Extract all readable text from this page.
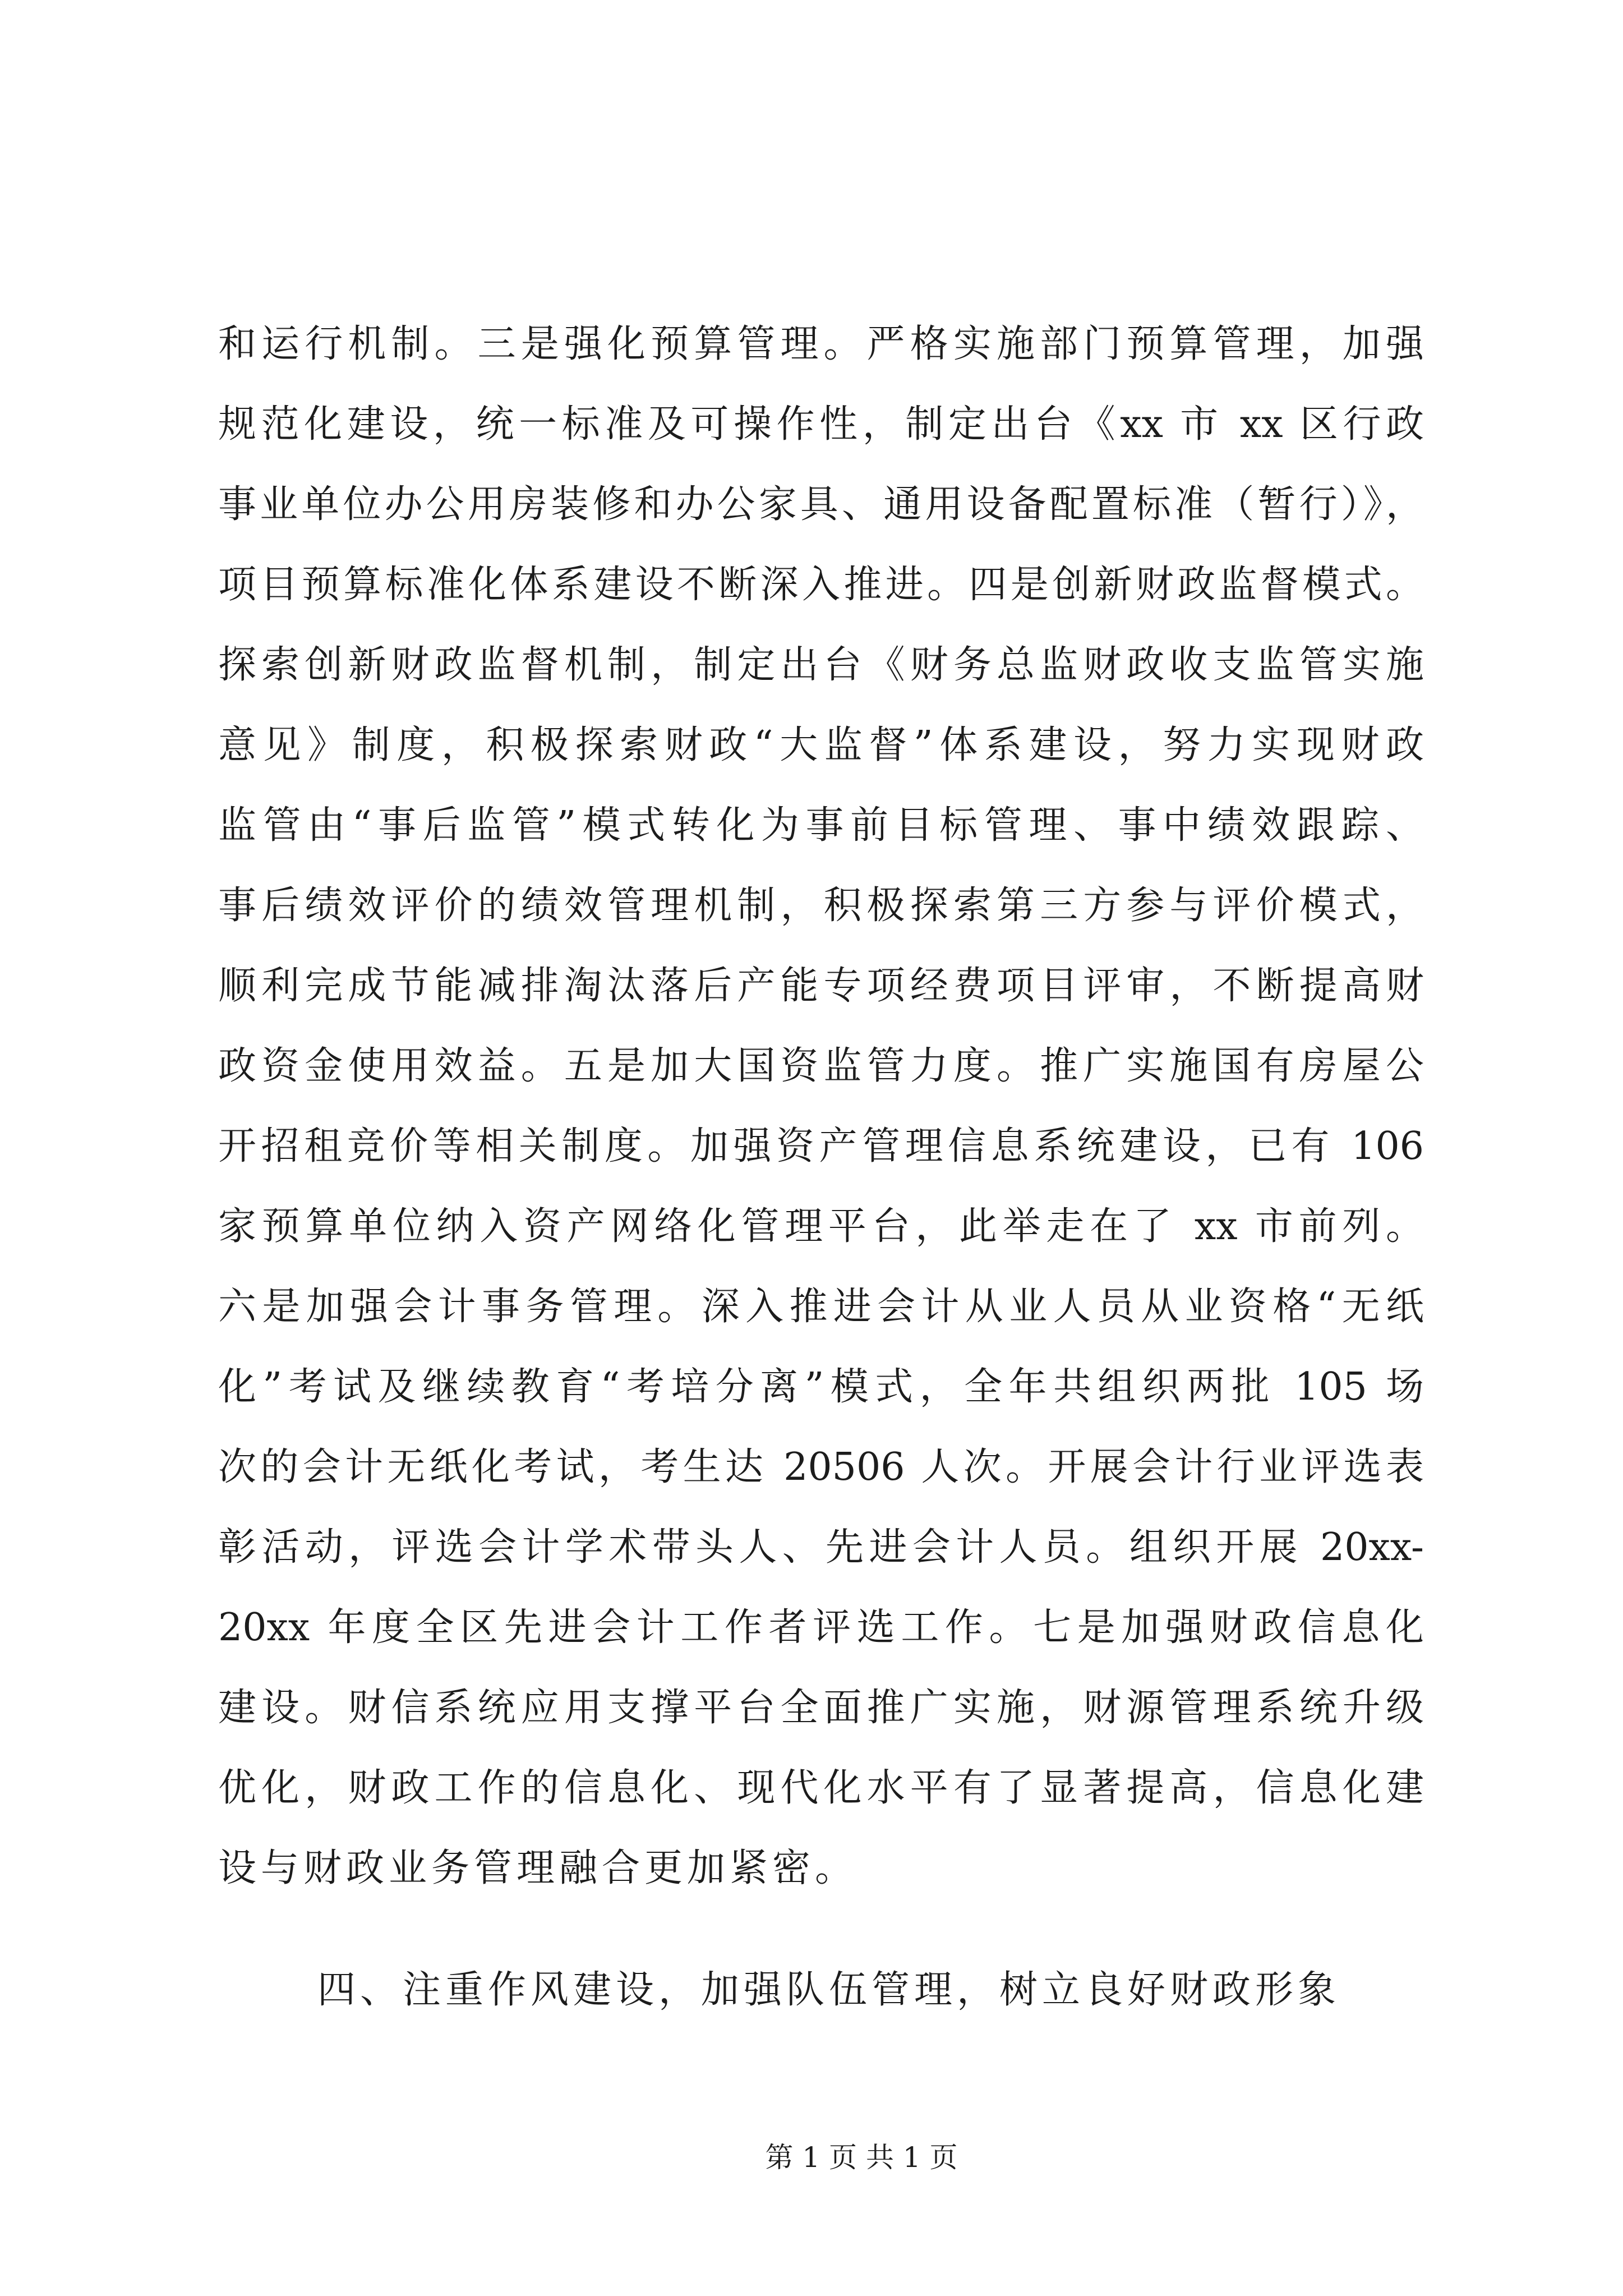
和运行机制。三是强化预算管理。严格实施部门预算管理，加强
规范化建设，统一标准及可操作性，制定出台《xx 市 xx 区行政
事业单位办公用房装修和办公家具、通用设备配置标准（暂行）》，
项目预算标准化体系建设不断深入推进。四是创新财政监督模式。
探索创新财政监督机制，制定出台《财务总监财政收支监管实施
意见》制度，积极探索财政“大监督”体系建设，努力实现财政
监管由“事后监管”模式转化为事前目标管理、事中绩效跟踪、
事后绩效评价的绩效管理机制，积极探索第三方参与评价模式，
顺利完成节能减排淘汰落后产能专项经费项目评审，不断提高财
政资金使用效益。五是加大国资监管力度。推广实施国有房屋公
开招租竞价等相关制度。加强资产管理信息系统建设，已有 106
家预算单位纳入资产网络化管理平台，此举走在了 xx 市前列。
六是加强会计事务管理。深入推进会计从业人员从业资格“无纸
化”考试及继续教育“考培分离”模式，全年共组织两批 105 场
次的会计无纸化考试，考生达 20506 人次。开展会计行业评选表
彰活动，评选会计学术带头人、先进会计人员。组织开展 20xx-
20xx 年度全区先进会计工作者评选工作。七是加强财政信息化
建设。财信系统应用支撑平台全面推广实施，财源管理系统升级
优化，财政工作的信息化、现代化水平有了显著提高，信息化建
设与财政业务管理融合更加紧密。
四、注重作风建设，加强队伍管理，树立良好财政形象
第 1 页 共 1 页
